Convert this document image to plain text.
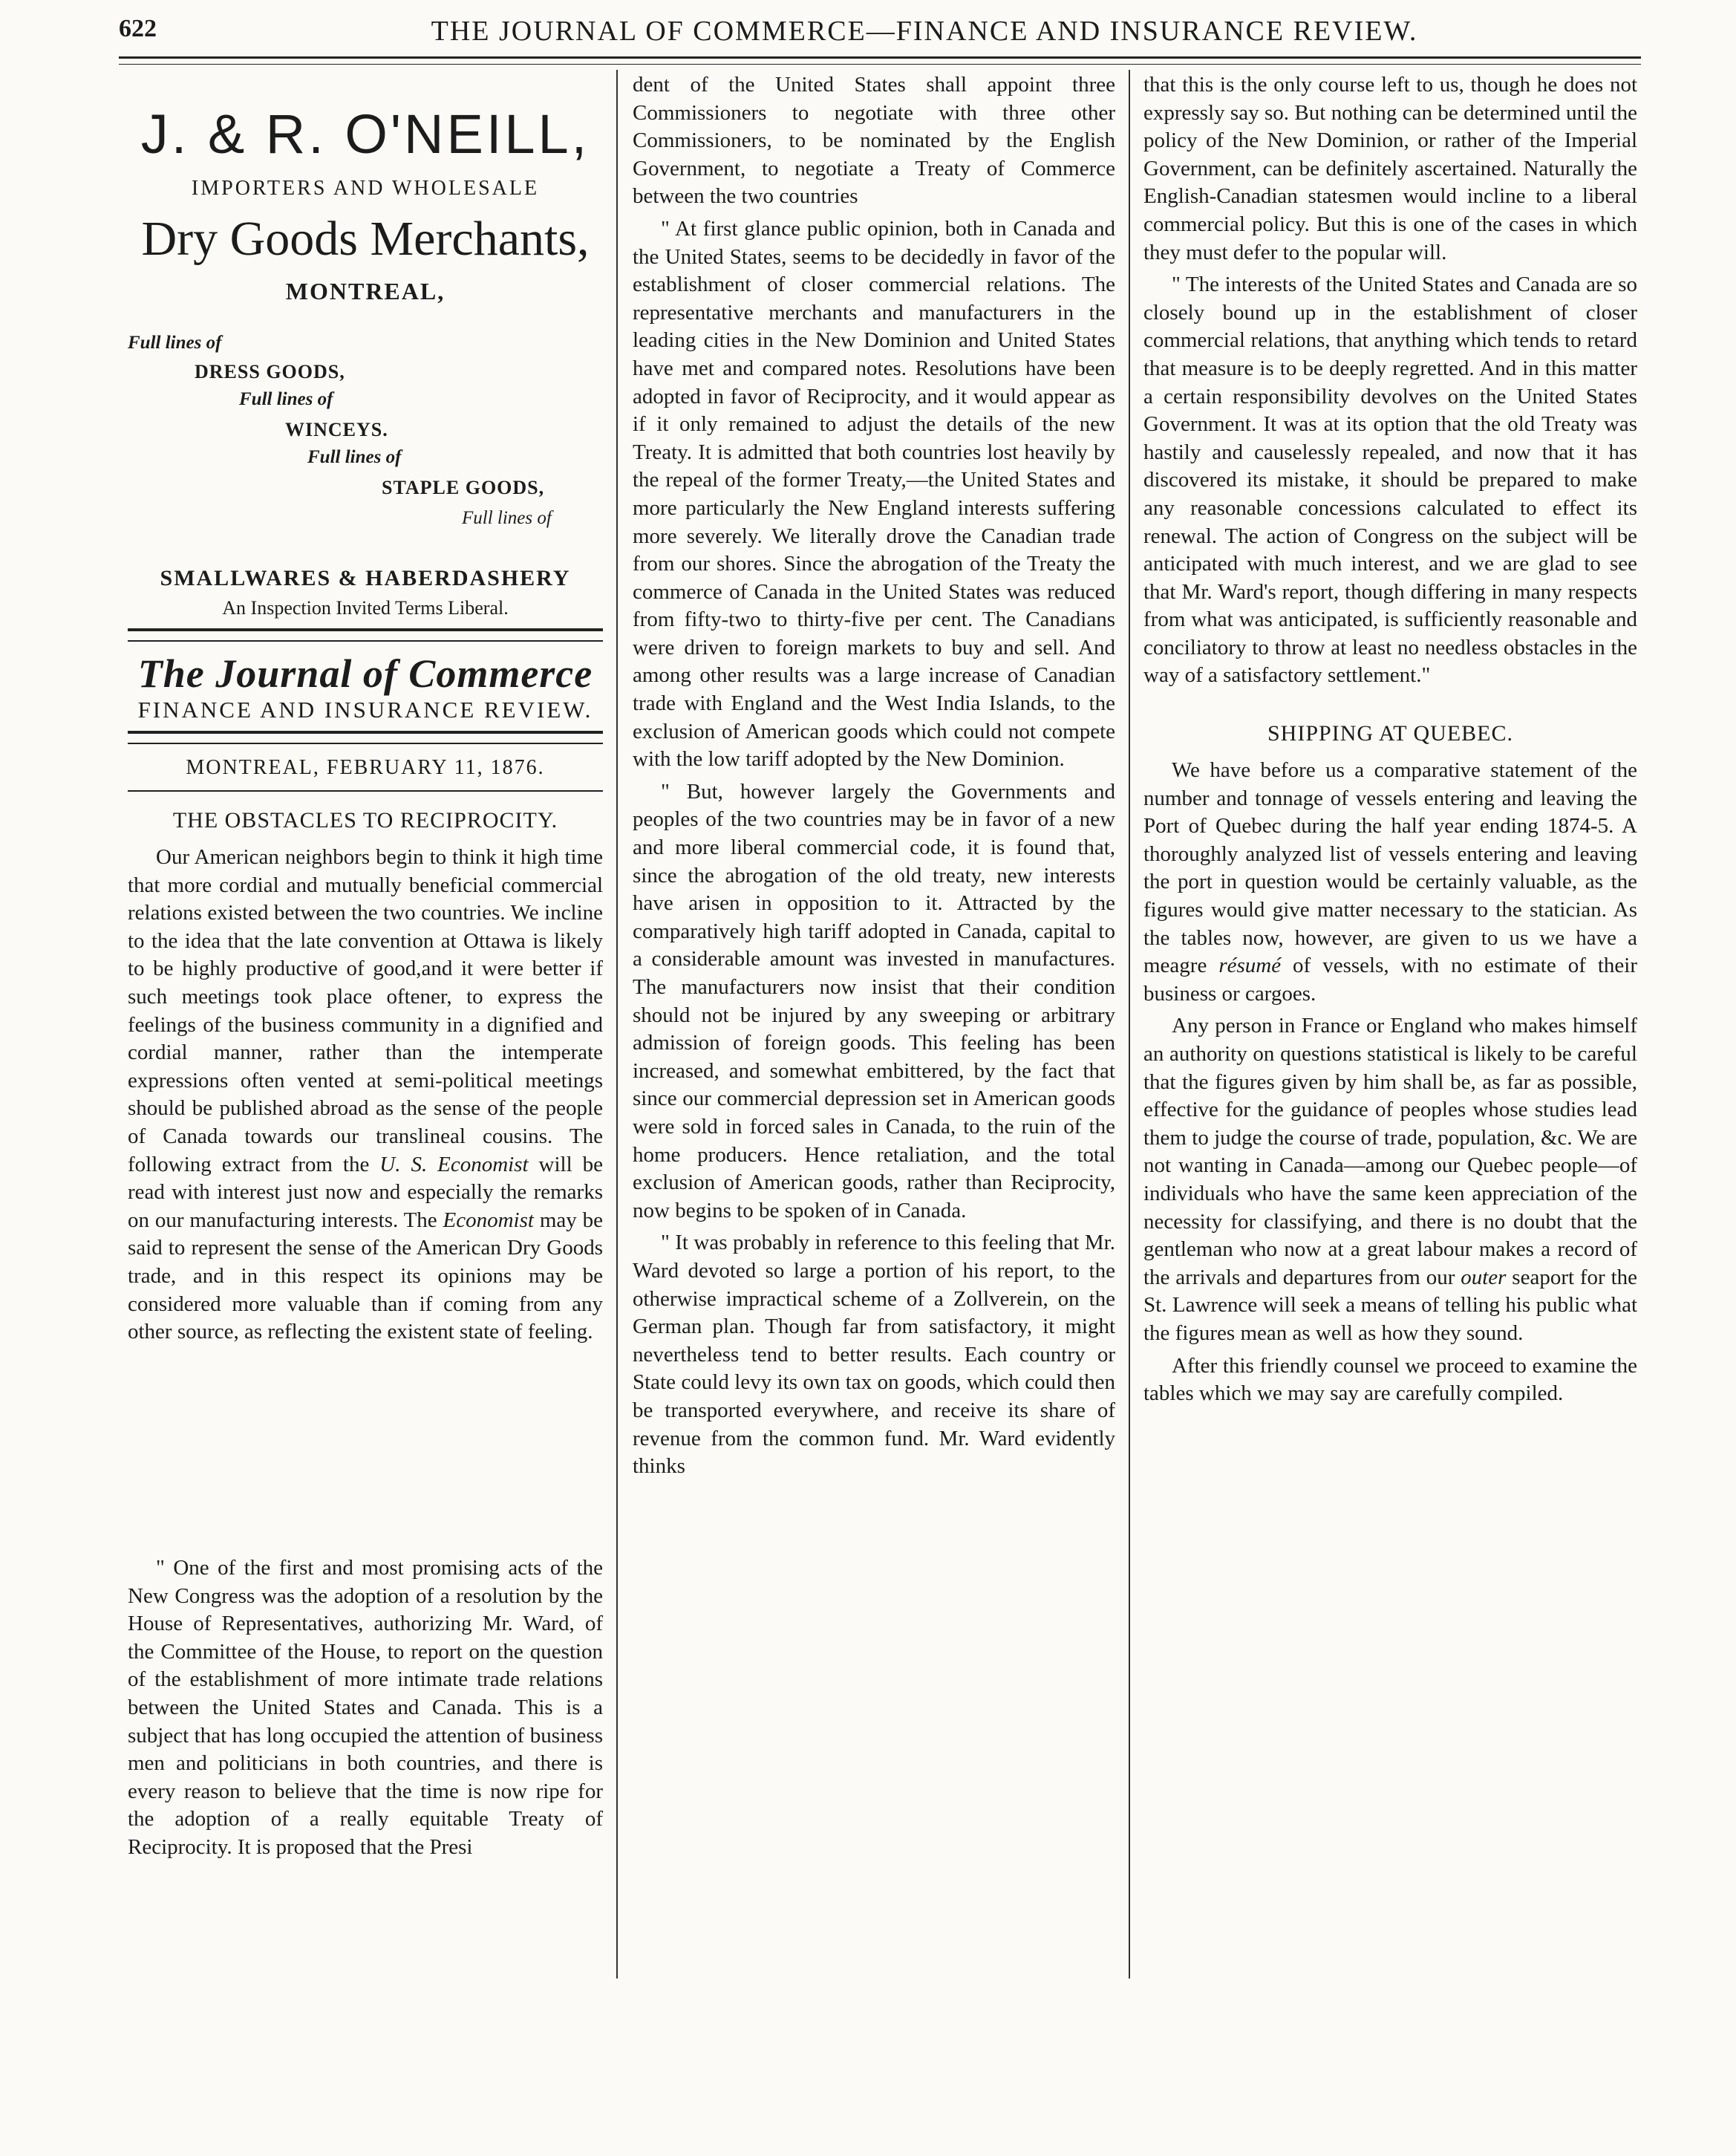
622	THE JOURNAL OF COMMERCE—FINANCE AND INSURANCE REVIEW.
J. & R. O'NEILL,
IMPORTERS AND WHOLESALE
Dry Goods Merchants,
MONTREAL,
Full lines of
DRESS GOODS,
Full lines of
WINCEYS.
Full lines of
STAPLE GOODS,
Full lines of
SMALLWARES & HABERDASHERY
An Inspection Invited Terms Liberal.
The Journal of Commerce
FINANCE AND INSURANCE REVIEW.
MONTREAL, FEBRUARY 11, 1876.
THE OBSTACLES TO RECIPROCITY.

Our American neighbors begin to think it high time that more cordial and mutually beneficial commercial relations existed between the two countries. We incline to the idea that the late convention at Ottawa is likely to be highly productive of good,and it were better if such meetings took place oftener, to express the feelings of the business community in a dignified and cordial manner, rather than the intemperate expressions often vented at semi-political meetings should be published abroad as the sense of the people of Canada towards our translineal cousins. The following extract from the U. S. Economist will be read with interest just now and especially the remarks on our manufacturing interests. The Economist may be said to represent the sense of the American Dry Goods trade, and in this respect its opinions may be considered more valuable than if coming from any other source, as reflecting the existent state of feeling.

" One of the first and most promising acts of the New Congress was the adoption of a resolution by the House of Representatives, authorizing Mr. Ward, of the Committee of the House, to report on the question of the establishment of more intimate trade relations between the United States and Canada. This is a subject that has long occupied the attention of business men and politicians in both countries, and there is every reason to believe that the time is now ripe for the adoption of a really equitable Treaty of Reciprocity. It is proposed that the Presi

dent of the United States shall appoint three Commissioners to negotiate with three other Commissioners, to be nominated by the English Government, to negotiate a Treaty of Commerce between the two countries

" At first glance public opinion, both in Canada and the United States, seems to be decidedly in favor of the establishment of closer commercial relations. The representative merchants and manufacturers in the leading cities in the New Dominion and United States have met and compared notes. Resolutions have been adopted in favor of Reciprocity, and it would appear as if it only remained to adjust the details of the new Treaty. It is admitted that both countries lost heavily by the repeal of the former Treaty,—the United States and more particularly the New England interests suffering more severely. We literally drove the Canadian trade from our shores. Since the abrogation of the Treaty the commerce of Canada in the United States was reduced from fifty-two to thirty-five per cent. The Canadians were driven to foreign markets to buy and sell. And among other results was a large increase of Canadian trade with England and the West India Islands, to the exclusion of American goods which could not compete with the low tariff adopted by the New Dominion.

" But, however largely the Governments and peoples of the two countries may be in favor of a new and more liberal commercial code, it is found that, since the abrogation of the old treaty, new interests have arisen in opposition to it. Attracted by the comparatively high tariff adopted in Canada, capital to a considerable amount was invested in manufactures. The manufacturers now insist that their condition should not be injured by any sweeping or arbitrary admission of foreign goods. This feeling has been increased, and somewhat embittered, by the fact that since our commercial depression set in American goods were sold in forced sales in Canada, to the ruin of the home producers. Hence retaliation, and the total exclusion of American goods, rather than Reciprocity, now begins to be spoken of in Canada.

" It was probably in reference to this feeling that Mr. Ward devoted so large a portion of his report, to the otherwise impractical scheme of a Zollverein, on the German plan. Though far from satisfactory, it might nevertheless tend to better results. Each country or State could levy its own tax on goods, which could then be transported everywhere, and receive its share of revenue from the common fund. Mr. Ward evidently thinks

that this is the only course left to us, though he does not expressly say so. But nothing can be determined until the policy of the New Dominion, or rather of the Imperial Government, can be definitely ascertained. Naturally the English-Canadian statesmen would incline to a liberal commercial policy. But this is one of the cases in which they must defer to the popular will.

" The interests of the United States and Canada are so closely bound up in the establishment of closer commercial relations, that anything which tends to retard that measure is to be deeply regretted. And in this matter a certain responsibility devolves on the United States Government. It was at its option that the old Treaty was hastily and causelessly repealed, and now that it has discovered its mistake, it should be prepared to make any reasonable concessions calculated to effect its renewal. The action of Congress on the subject will be anticipated with much interest, and we are glad to see that Mr. Ward's report, though differing in many respects from what was anticipated, is sufficiently reasonable and conciliatory to throw at least no needless obstacles in the way of a satisfactory settlement."

SHIPPING AT QUEBEC.

We have before us a comparative statement of the number and tonnage of vessels entering and leaving the Port of Quebec during the half year ending 1874-5. A thoroughly analyzed list of vessels entering and leaving the port in question would be certainly valuable, as the figures would give matter necessary to the statician. As the tables now, however, are given to us we have a meagre résumé of vessels, with no estimate of their business or cargoes.

Any person in France or England who makes himself an authority on questions statistical is likely to be careful that the figures given by him shall be, as far as possible, effective for the guidance of peoples whose studies lead them to judge the course of trade, population, &c. We are not wanting in Canada—among our Quebec people—of individuals who have the same keen appreciation of the necessity for classifying, and there is no doubt that the gentleman who now at a great labour makes a record of the arrivals and departures from our outer seaport for the St. Lawrence will seek a means of telling his public what the figures mean as well as how they sound.

After this friendly counsel we proceed to examine the tables which we may say are carefully compiled.
